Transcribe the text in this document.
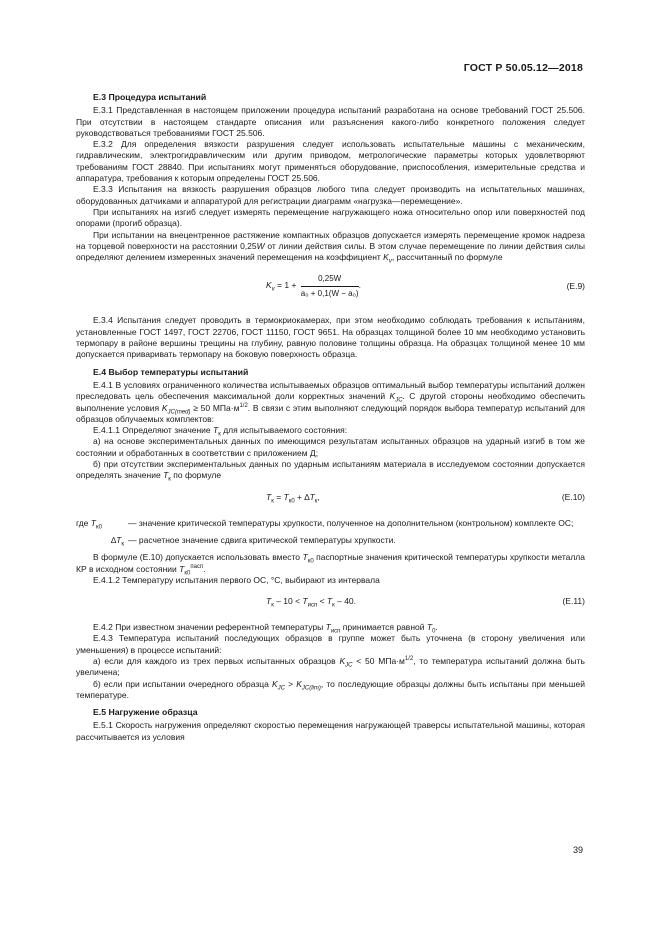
ГОСТ Р 50.05.12—2018
Е.3 Процедура испытаний

Е.3.1 Представленная в настоящем приложении процедура испытаний разработана на основе требований ГОСТ 25.506. При отсутствии в настоящем стандарте описания или разъяснения какого-либо конкретного положения следует руководствоваться требованиями ГОСТ 25.506.

Е.3.2 Для определения вязкости разрушения следует использовать испытательные машины с механическим, гидравлическим, электрогидравлическим или другим приводом, метрологические параметры которых удовлетворяют требованиям ГОСТ 28840. При испытаниях могут применяться оборудование, приспособления, измерительные средства и аппаратура, требования к которым определены ГОСТ 25.506.

Е.3.3 Испытания на вязкость разрушения образцов любого типа следует производить на испытательных машинах, оборудованных датчиками и аппаратурой для регистрации диаграмм «нагрузка—перемещение».

При испытаниях на изгиб следует измерять перемещение нагружающего ножа относительно опор или поверхностей под опорами (прогиб образца).

При испытании на внецентренное растяжение компактных образцов допускается измерять перемещение кромок надреза на торцевой поверхности на расстоянии 0,25W от линии действия силы. В этом случае перемещение по линии действия силы определяют делением измеренных значений перемещения на коэффициент $K_v$, рассчитанный по формуле

$K_v = 1 + \frac{0,25W}{\text{a₀ + 0,1(W − a₀)}}$ .	(Е.9)

Е.3.4 Испытания следует проводить в термокриокамерах, при этом необходимо соблюдать требования к испытаниям, установленные ГОСТ 1497, ГОСТ 22706, ГОСТ 11150, ГОСТ 9651. На образцах толщиной более 10 мм необходимо установить термопару в районе вершины трещины на глубину, равную половине толщины образца. На образцах толщиной менее 10 мм допускается приваривать термопару на боковую поверхность образца.

Е.4 Выбор температуры испытаний

Е.4.1 В условиях ограниченного количества испытываемых образцов оптимальный выбор температуры испытаний должен преследовать цель обеспечения максимальной доли корректных значений $K_{JC}$. С другой стороны необходимо обеспечить выполнение условия $K_{JC(med)} \ge 50$ $МПа\cdot м^{1/2}$. В связи с этим выполняют следующий порядок выбора температур испытаний для образцов облучаемых комплектов:

Е.4.1.1 Определяют значение $T_к$ для испытываемого состояния:

а) на основе экспериментальных данных по имеющимся результатам испытанных образцов на ударный изгиб в том же состоянии и обработанных в соответствии с приложением Д;

б) при отсутствии экспериментальных данных по ударным испытаниям материала в исследуемом состоянии допускается определять значение $T_к$ по формуле

$T_к = T_{к0} + \Delta T_к$,	(Е.10)
где $T_{к0}$	— значение критической температуры хрупкости, полученное на дополнительном (контрольном) комплекте ОС;
$\Delta T_к$ — расчетное значение сдвига критической температуры хрупкости.

В формуле (Е.10) допускается использовать вместо $T_{к0}$ паспортные значения критической температуры хрупкости металла КР в исходном состоянии $T_{к0}^{пасп}$.

Е.4.1.2 Температуру испытания первого ОС, °С, выбирают из интервала

$T_к - 10 < T_{исп} < T_к - 40$.	(Е.11)

Е.4.2 При известном значении референтной температуры $T_{исп}$ принимается равной $T_0$.

Е.4.3 Температура испытаний последующих образцов в группе может быть уточнена (в сторону увеличения или уменьшения) в процессе испытаний:

а) если для каждого из трех первых испытанных образцов $K_{JC} < 50$ $МПа\cdot м^{1/2}$, то температура испытаний должна быть увеличена;

б) если при испытании очередного образца $K_{JC} > K_{JC(lim)}$, то последующие образцы должны быть испытаны при меньшей температуре.

Е.5 Нагружение образца

Е.5.1 Скорость нагружения определяют скоростью перемещения нагружающей траверсы испытательной машины, которая рассчитывается из условия

39
